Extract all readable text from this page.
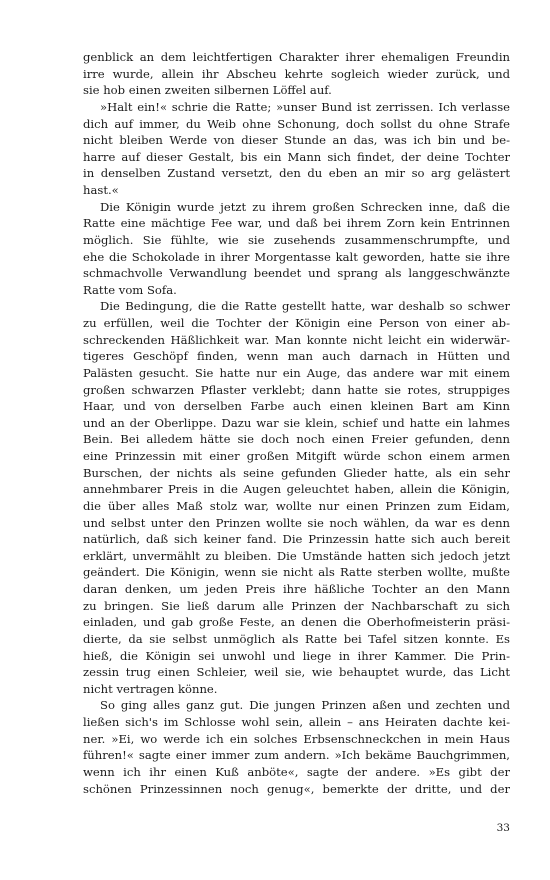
genblick an dem leichtfertigen Charakter ihrer ehemaligen Freundin
irre wurde, allein ihr Abscheu kehrte sogleich wieder zurück, und
sie hob einen zweiten silbernen Löffel auf.

»Halt ein!« schrie die Ratte; »unser Bund ist zerrissen. Ich verlasse
dich auf immer, du Weib ohne Schonung, doch sollst du ohne Strafe
nicht bleiben Werde von dieser Stunde an das, was ich bin und be-
harre auf dieser Gestalt, bis ein Mann sich findet, der deine Tochter
in denselben Zustand versetzt, den du eben an mir so arg gelästert
hast.«

Die Königin wurde jetzt zu ihrem großen Schrecken inne, daß die
Ratte eine mächtige Fee war, und daß bei ihrem Zorn kein Entrinnen
möglich. Sie fühlte, wie sie zusehends zusammenschrumpfte, und
ehe die Schokolade in ihrer Morgentasse kalt geworden, hatte sie ihre
schmachvolle Verwandlung beendet und sprang als langgeschwänzte
Ratte vom Sofa.

Die Bedingung, die die Ratte gestellt hatte, war deshalb so schwer
zu erfüllen, weil die Tochter der Königin eine Person von einer ab-
schreckenden Häßlichkeit war. Man konnte nicht leicht ein widerwär-
tigeres Geschöpf finden, wenn man auch darnach in Hütten und
Palästen gesucht. Sie hatte nur ein Auge, das andere war mit einem
großen schwarzen Pflaster verklebt; dann hatte sie rotes, struppiges
Haar, und von derselben Farbe auch einen kleinen Bart am Kinn
und an der Oberlippe. Dazu war sie klein, schief und hatte ein lahmes
Bein. Bei alledem hätte sie doch noch einen Freier gefunden, denn
eine Prinzessin mit einer großen Mitgift würde schon einem armen
Burschen, der nichts als seine gefunden Glieder hatte, als ein sehr
annehmbarer Preis in die Augen geleuchtet haben, allein die Königin,
die über alles Maß stolz war, wollte nur einen Prinzen zum Eidam,
und selbst unter den Prinzen wollte sie noch wählen, da war es denn
natürlich, daß sich keiner fand. Die Prinzessin hatte sich auch bereit
erklärt, unvermählt zu bleiben. Die Umstände hatten sich jedoch jetzt
geändert. Die Königin, wenn sie nicht als Ratte sterben wollte, mußte
daran denken, um jeden Preis ihre häßliche Tochter an den Mann
zu bringen. Sie ließ darum alle Prinzen der Nachbarschaft zu sich
einladen, und gab große Feste, an denen die Oberhofmeisterin präsi-
dierte, da sie selbst unmöglich als Ratte bei Tafel sitzen konnte. Es
hieß, die Königin sei unwohl und liege in ihrer Kammer. Die Prin-
zessin trug einen Schleier, weil sie, wie behauptet wurde, das Licht
nicht vertragen könne.

So ging alles ganz gut. Die jungen Prinzen aßen und zechten und
ließen sich's im Schlosse wohl sein, allein – ans Heiraten dachte kei-
ner. »Ei, wo werde ich ein solches Erbsenschneckchen in mein Haus
führen!« sagte einer immer zum andern. »Ich bekäme Bauchgrimmen,
wenn ich ihr einen Kuß anböte«, sagte der andere. »Es gibt der
schönen Prinzessinnen noch genug«, bemerkte der dritte, und der

33
